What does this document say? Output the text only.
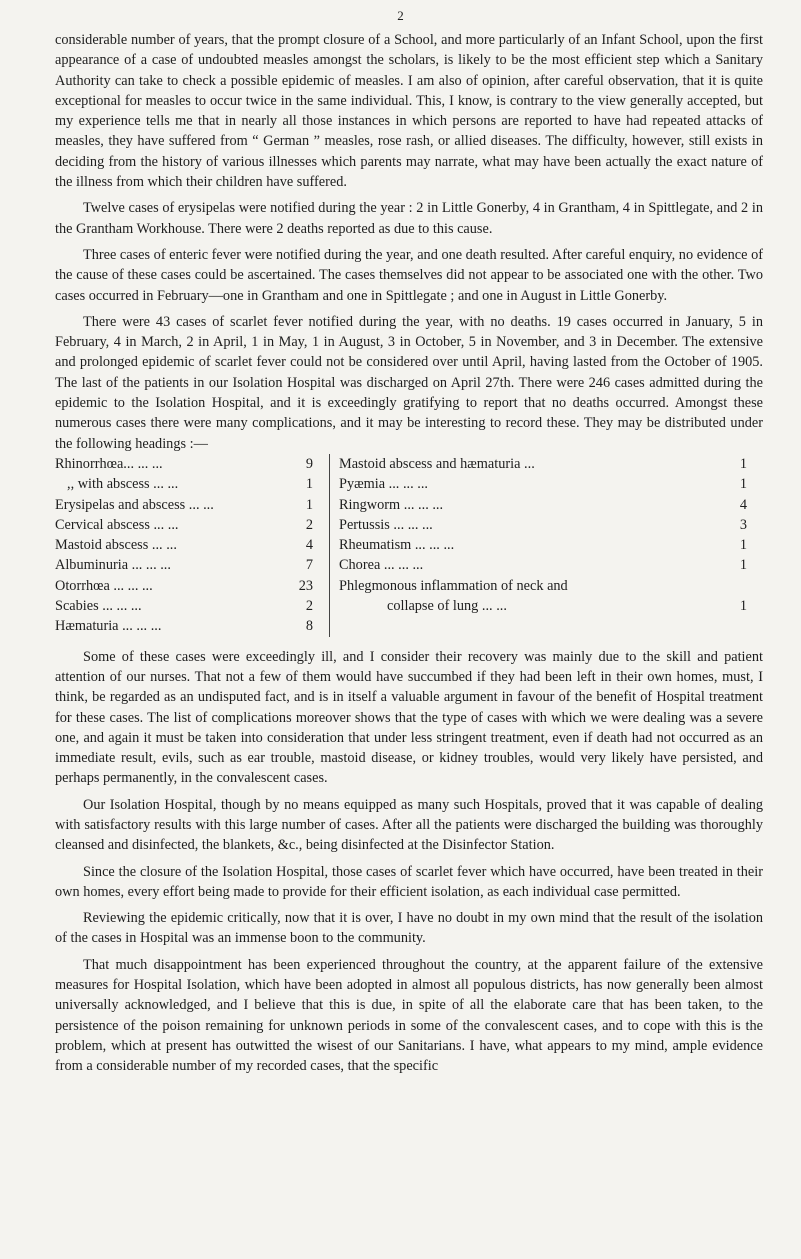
2

considerable number of years, that the prompt closure of a School, and more particularly of an Infant School, upon the first appearance of a case of undoubted measles amongst the scholars, is likely to be the most efficient step which a Sanitary Authority can take to check a possible epidemic of measles. I am also of opinion, after careful observation, that it is quite exceptional for measles to occur twice in the same individual. This, I know, is contrary to the view generally accepted, but my experience tells me that in nearly all those instances in which persons are reported to have had repeated attacks of measles, they have suffered from “ German ” measles, rose rash, or allied diseases. The difficulty, however, still exists in deciding from the history of various illnesses which parents may narrate, what may have been actually the exact nature of the illness from which their children have suffered.

Twelve cases of erysipelas were notified during the year : 2 in Little Gonerby, 4 in Grantham, 4 in Spittlegate, and 2 in the Grantham Workhouse. There were 2 deaths reported as due to this cause.

Three cases of enteric fever were notified during the year, and one death resulted. After careful enquiry, no evidence of the cause of these cases could be ascertained. The cases themselves did not appear to be associated one with the other. Two cases occurred in February—one in Grantham and one in Spittlegate ; and one in August in Little Gonerby.

There were 43 cases of scarlet fever notified during the year, with no deaths. 19 cases occurred in January, 5 in February, 4 in March, 2 in April, 1 in May, 1 in August, 3 in October, 5 in November, and 3 in December. The extensive and prolonged epidemic of scarlet fever could not be considered over until April, having lasted from the October of 1905. The last of the patients in our Isolation Hospital was discharged on April 27th. There were 246 cases admitted during the epidemic to the Isolation Hospital, and it is exceedingly gratifying to report that no deaths occurred. Amongst these numerous cases there were many complications, and it may be interesting to record these. They may be distributed under the following headings :—

Rhinorrhœa... ... ...	9
,, with abscess ... ...	1
Erysipelas and abscess ... ...	1
Cervical abscess ... ...	2
Mastoid abscess ... ...	4
Albuminuria ... ... ...	7
Otorrhœa ... ... ...	23
Scabies ... ... ...	2
Hæmaturia ... ... ...	8
Mastoid abscess and hæmaturia ...	1
Pyæmia ... ... ...	1
Ringworm ... ... ...	4
Pertussis ... ... ...	3
Rheumatism ... ... ...	1
Chorea ... ... ...	1
Phlegmonous inflammation of neck and
collapse of lung ... ...	1

Some of these cases were exceedingly ill, and I consider their recovery was mainly due to the skill and patient attention of our nurses. That not a few of them would have succumbed if they had been left in their own homes, must, I think, be regarded as an undisputed fact, and is in itself a valuable argument in favour of the benefit of Hospital treatment for these cases. The list of complications moreover shows that the type of cases with which we were dealing was a severe one, and again it must be taken into consideration that under less stringent treatment, even if death had not occurred as an immediate result, evils, such as ear trouble, mastoid disease, or kidney troubles, would very likely have persisted, and perhaps permanently, in the convalescent cases.

Our Isolation Hospital, though by no means equipped as many such Hospitals, proved that it was capable of dealing with satisfactory results with this large number of cases. After all the patients were discharged the building was thoroughly cleansed and disinfected, the blankets, &c., being disinfected at the Disinfector Station.

Since the closure of the Isolation Hospital, those cases of scarlet fever which have occurred, have been treated in their own homes, every effort being made to provide for their efficient isolation, as each individual case permitted.

Reviewing the epidemic critically, now that it is over, I have no doubt in my own mind that the result of the isolation of the cases in Hospital was an immense boon to the community.

That much disappointment has been experienced throughout the country, at the apparent failure of the extensive measures for Hospital Isolation, which have been adopted in almost all populous districts, has now generally been almost universally acknowledged, and I believe that this is due, in spite of all the elaborate care that has been taken, to the persistence of the poison remaining for unknown periods in some of the convalescent cases, and to cope with this is the problem, which at present has outwitted the wisest of our Sanitarians. I have, what appears to my mind, ample evidence from a considerable number of my recorded cases, that the specific
